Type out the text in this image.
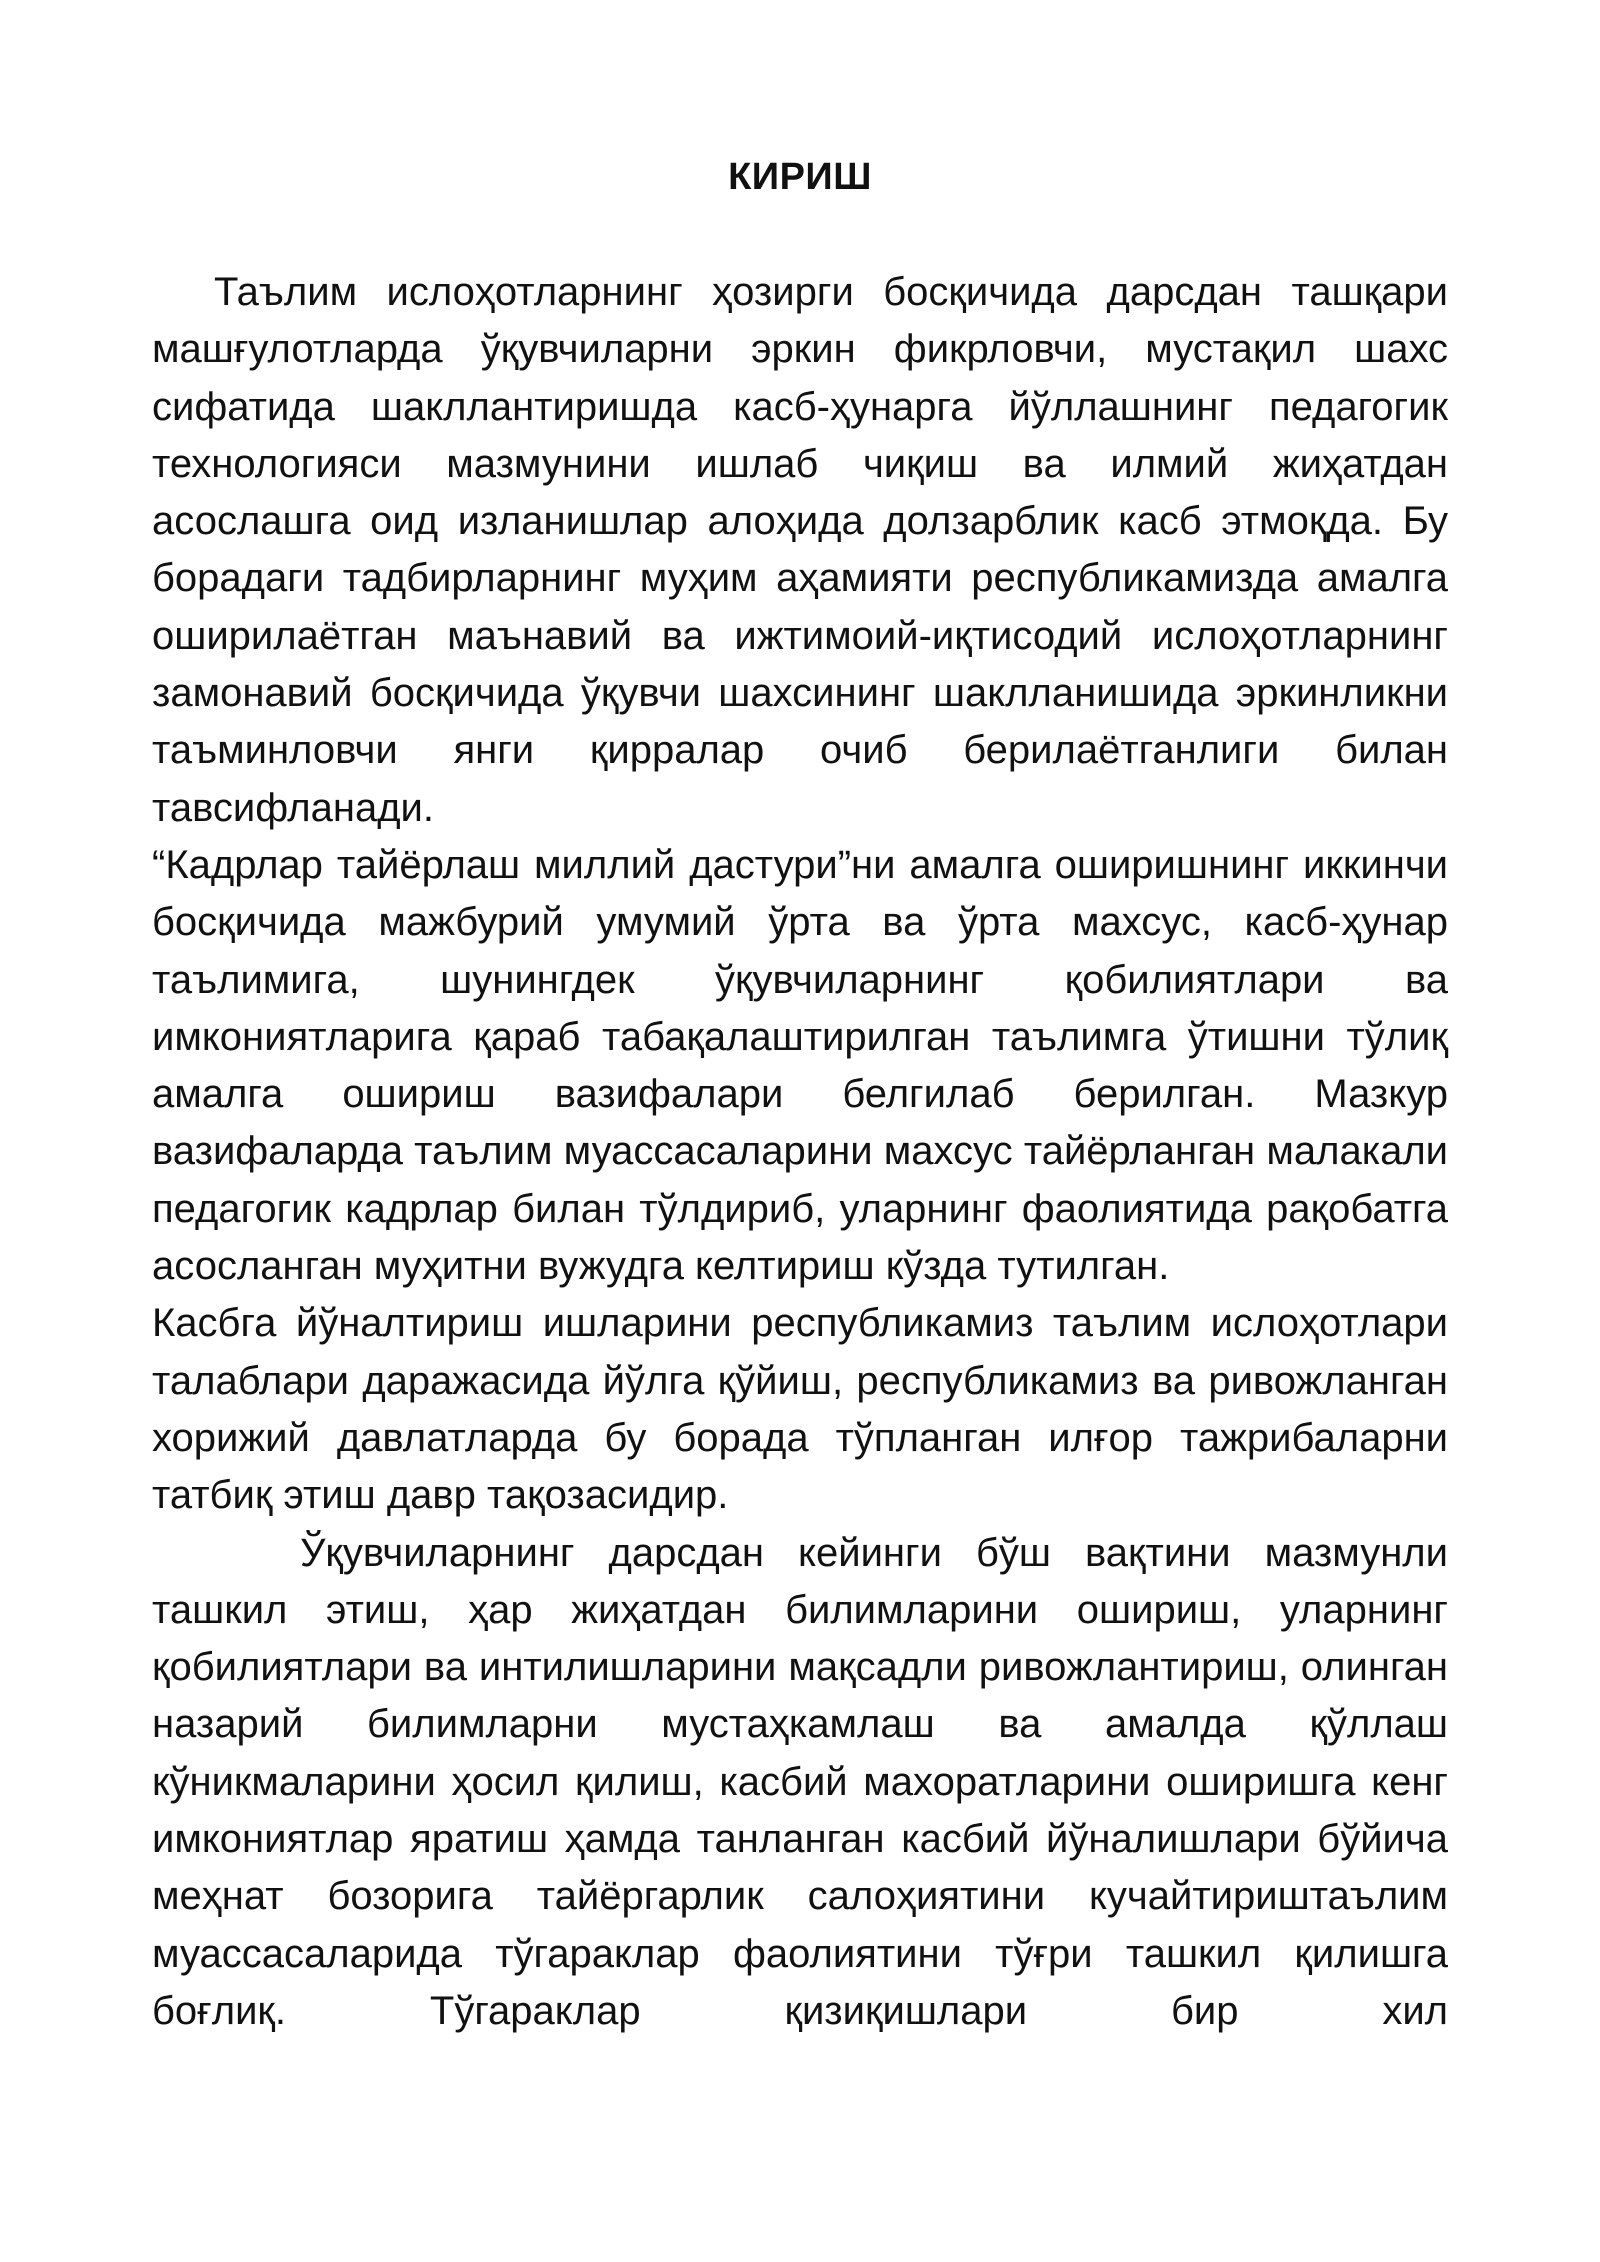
КИРИШ

Таълим ислоҳотларнинг ҳозирги босқичида дарсдан ташқари машғулотларда ўқувчиларни эркин фикрловчи, мустақил шахс сифатида шакллантиришда касб-ҳунарга йўллашнинг педагогик технологияси мазмунини ишлаб чиқиш ва илмий жиҳатдан асослашга оид изланишлар алоҳида долзарблик касб этмоқда. Бу борадаги тадбирларнинг муҳим аҳамияти республикамизда амалга оширилаётган маънавий ва ижтимоий-иқтисодий ислоҳотларнинг замонавий босқичида ўқувчи шахсининг шаклланишида эркинликни таъминловчи янги қирралар очиб берилаётганлиги билан тавсифланади.

“Кадрлар тайёрлаш миллий дастури”ни амалга оширишнинг иккинчи босқичида мажбурий умумий ўрта ва ўрта махсус, касб-ҳунар таълимига, шунингдек ўқувчиларнинг қобилиятлари ва имкониятларига қараб табақалаштирилган таълимга ўтишни тўлиқ амалга ошириш вазифалари белгилаб берилган. Мазкур вазифаларда таълим муассасаларини махсус тайёрланган малакали педагогик кадрлар билан тўлдириб, уларнинг фаолиятида рақобатга асосланган муҳитни вужудга келтириш кўзда тутилган.

Касбга йўналтириш ишларини республикамиз таълим ислоҳотлари талаблари даражасида йўлга қўйиш, республикамиз ва ривожланган хорижий давлатларда бу борада тўпланган илғор тажрибаларни татбиқ этиш давр тақозасидир.

Ўқувчиларнинг дарсдан кейинги бўш вақтини мазмунли ташкил этиш, ҳар жиҳатдан билимларини ошириш, уларнинг қобилиятлари ва интилишларини мақсадли ривожлантириш, олинган назарий билимларни мустаҳкамлаш ва амалда қўллаш кўникмаларини ҳосил қилиш, касбий махоратларини оширишга кенг имкониятлар яратиш ҳамда танланган касбий йўналишлари бўйича меҳнат бозорига тайёргарлик салоҳиятини кучайтириштаълим муассасаларида тўгараклар фаолиятини тўғри ташкил қилишга боғлиқ. Тўгараклар қизиқишлари бир хил
